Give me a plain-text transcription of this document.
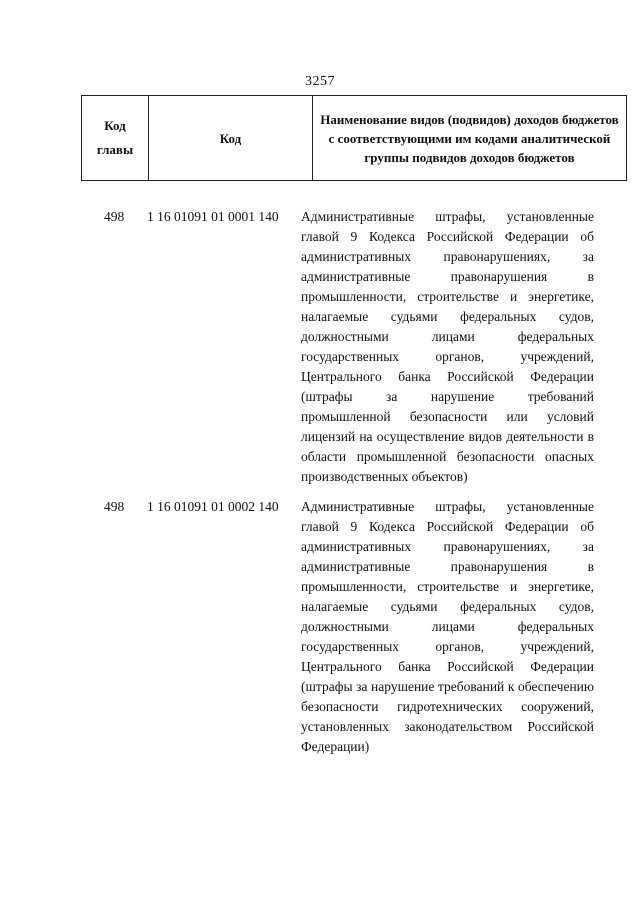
3257
Код главы	Код	Наименование видов (подвидов) доходов бюджетов с соответствующими им кодами аналитической группы подвидов доходов бюджетов
498	1 16 01091 01 0001 140	Административные штрафы, установленные главой 9 Кодекса Российской Федерации об административных правонарушениях, за административные правонарушения в промышленности, строительстве и энергетике, налагаемые судьями федеральных судов, должностными лицами федеральных государственных органов, учреждений, Центрального банка Российской Федерации (штрафы за нарушение требований промышленной безопасности или условий лицензий на осуществление видов деятельности в области промышленной безопасности опасных производственных объектов)
498	1 16 01091 01 0002 140	Административные штрафы, установленные главой 9 Кодекса Российской Федерации об административных правонарушениях, за административные правонарушения в промышленности, строительстве и энергетике, налагаемые судьями федеральных судов, должностными лицами федеральных государственных органов, учреждений, Центрального банка Российской Федерации (штрафы за нарушение требований к обеспечению безопасности гидротехнических сооружений, установленных законодательством Российской Федерации)
